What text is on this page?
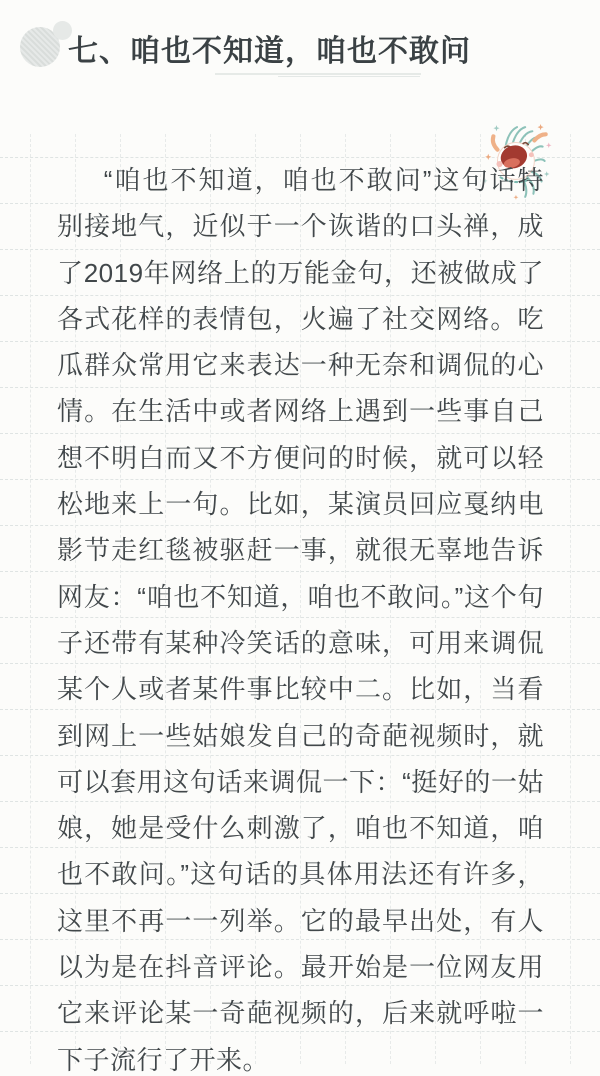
七、咱也不知道，咱也不敢问

“咱也不知道，咱也不敢问”这句话特别接地气，近似于一个诙谐的口头禅，成了2019年网络上的万能金句，还被做成了各式花样的表情包，火遍了社交网络。吃瓜群众常用它来表达一种无奈和调侃的心情。在生活中或者网络上遇到一些事自己想不明白而又不方便问的时候，就可以轻松地来上一句。比如，某演员回应戛纳电影节走红毯被驱赶一事，就很无辜地告诉网友：“咱也不知道，咱也不敢问。”这个句子还带有某种冷笑话的意味，可用来调侃某个人或者某件事比较中二。比如，当看到网上一些姑娘发自己的奇葩视频时，就可以套用这句话来调侃一下：“挺好的一姑娘，她是受什么刺激了，咱也不知道，咱也不敢问。”这句话的具体用法还有许多，这里不再一一列举。它的最早出处，有人以为是在抖音评论。最开始是一位网友用它来评论某一奇葩视频的，后来就呼啦一下子流行了开来。
